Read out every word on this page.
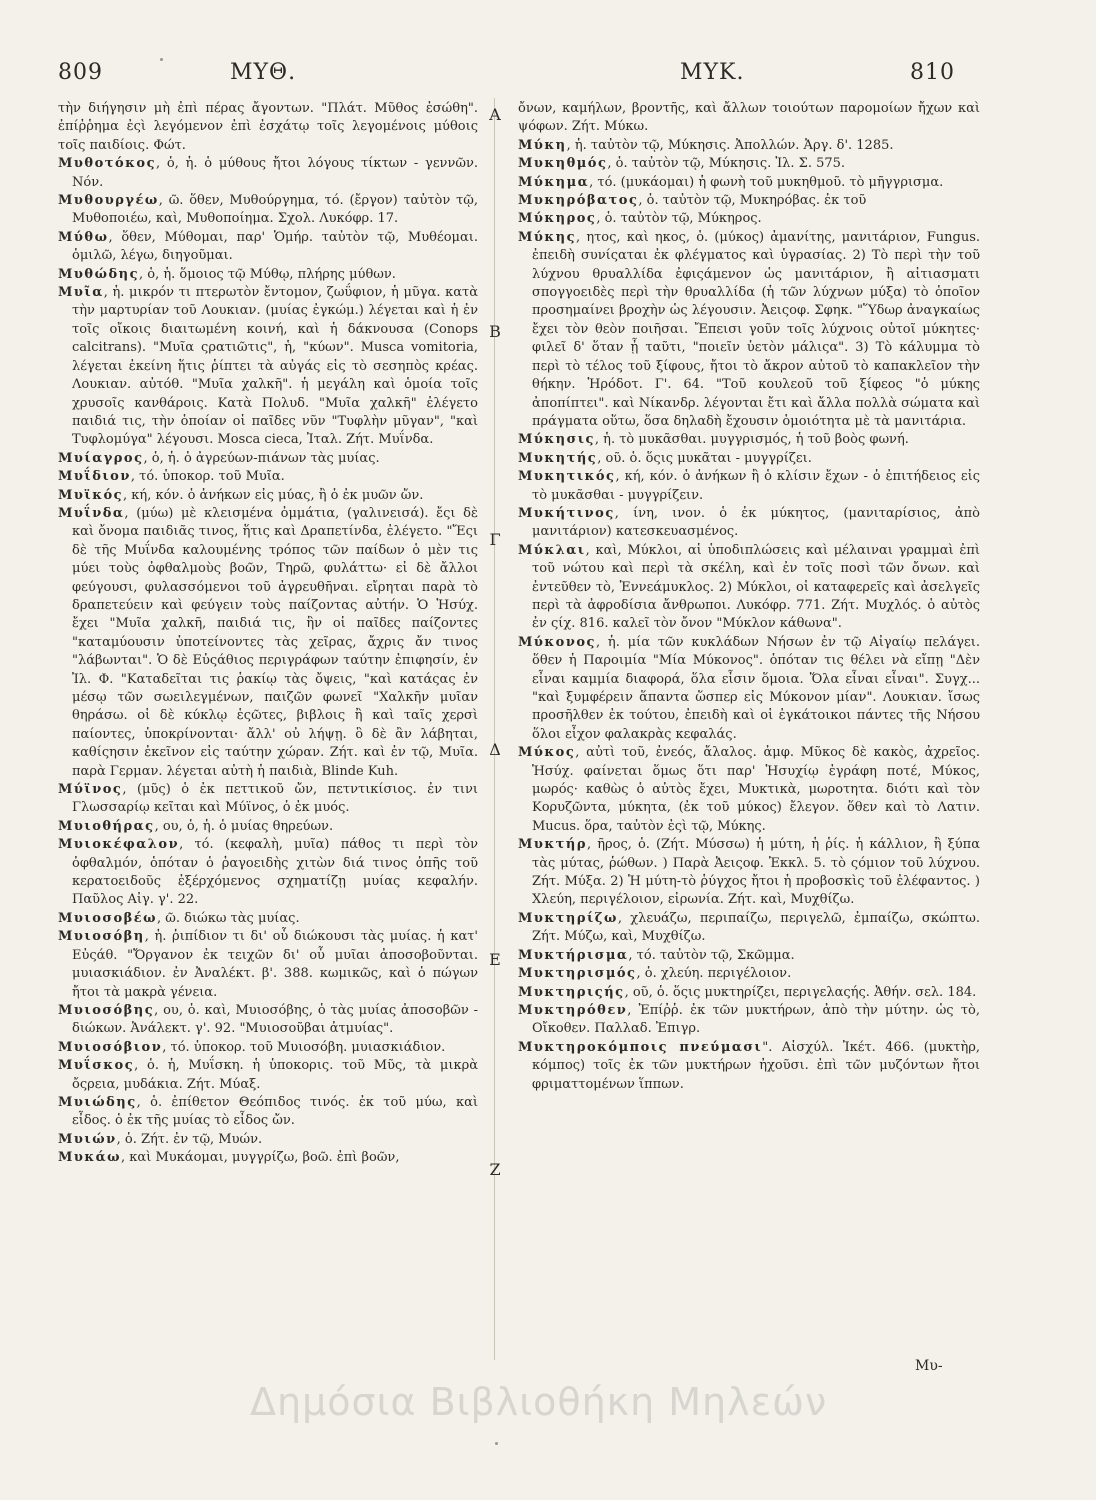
809	ΜΥΘ.	ΜΥΚ.	810
Α
Β
Γ
Δ
Ε
Ζ

τὴν διήγησιν μὴ ἐπὶ πέρας ἄγοντων. "Πλάτ. Μῦθος ἐσώθη". ἐπίῤῥημα ἐςὶ λεγόμενον ἐπὶ ἐσχάτῳ τοῖς λεγομένοις μύθοις τοῖς παιδίοις. Φώτ.

Μυθοτόκος, ὁ, ἡ. ὁ μύθους ἤτοι λόγους τίκτων - γεννῶν. Νόν.

Μυθουργέω, ῶ. ὅθεν, Μυθούργημα, τό. (ἔργον) ταὐτὸν τῷ, Μυθοποιέω, καὶ, Μυθοποίημα. Σχολ. Λυκόφρ. 17.

Μύθω, ὅθεν, Μύθομαι, παρ' Ὁμήρ. ταὐτὸν τῷ, Μυθέομαι. ὁμιλῶ, λέγω, διηγοῦμαι.

Μυθώδης, ὁ, ἡ. ὅμοιος τῷ Μύθῳ, πλήρης μύθων.

Μυῖα, ἡ. μικρόν τι πτερωτὸν ἔντομον, ζωΰφιον, ἡ μῦγα. κατὰ τὴν μαρτυρίαν τοῦ Λουκιαν. (μυίας ἐγκώμ.) λέγεται καὶ ἡ ἐν τοῖς οἴκοις διαιτωμένη κοινή, καὶ ἡ δάκνουσα (Conops calcitrans). "Μυῖα ςρατιῶτις", ἡ, "κύων". Musca vomitoria, λέγεται ἐκείνη ἥτις ῥίπτει τὰ αὐγάς εἰς τὸ σεσηπὸς κρέας. Λουκιαν. αὐτόθ. "Μυῖα χαλκῆ". ἡ μεγάλη καὶ ὁμοία τοῖς χρυσοῖς κανθάροις. Κατὰ Πολυδ. "Μυῖα χαλκῆ" ἐλέγετο παιδιά τις, τὴν ὁποίαν οἱ παῖδες νῦν "Τυφλὴν μῦγαν", "καὶ Τυφλομύγα" λέγουσι. Mosca cieca, Ἰταλ. Ζήτ. Μυΐνδα.

Μυίαγρος, ὁ, ἡ. ὁ ἀγρεύων-πιάνων τὰς μυίας.

Μυΐδιον, τό. ὑποκορ. τοῦ Μυῖα.

Μυϊκός, κή, κόν. ὁ ἀνήκων εἰς μύας, ἢ ὁ ἐκ μυῶν ὤν.

Μυΐνδα, (μύω) μὲ κλεισμένα ὀμμάτια, (γαλινεισά). ἔςι δὲ καὶ ὄνομα παιδιᾶς τινος, ἥτις καὶ Δραπετίνδα, ἐλέγετο. "Ἔςι δὲ τῆς Μυΐνδα καλουμένης τρόπος τῶν παίδων ὁ μὲν τις μύει τοὺς ὀφθαλμοὺς βοῶν, Τηρῶ, φυλάττω· εἰ δὲ ἄλλοι φεύγουσι, φυλασσόμενοι τοῦ ἀγρευθῆναι. εἴρηται παρὰ τὸ δραπετεύειν καὶ φεύγειν τοὺς παίζοντας αὐτήν. Ὁ Ἡσύχ. ἔχει "Μυῖα χαλκῆ, παιδιά τις, ἣν οἱ παῖδες παίζοντες "καταμύουσιν ὑποτείνοντες τὰς χεῖρας, ἄχρις ἄν τινος "λάβωνται". Ὁ δὲ Εὐςάθιος περιγράφων ταύτην ἐπιφησίν, ἐν Ἰλ. Φ. "Καταδεῖται τις ῥακίῳ τὰς ὄψεις, "καὶ κατάςας ἐν μέσῳ τῶν σωειλεγμένων, παιζῶν φωνεῖ "Χαλκῆν μυῖαν θηράσω. οἱ δὲ κύκλῳ ἑςῶτες, βιβλοις ἢ καὶ ταῖς χερσὶ παίοντες, ὑποκρίνονται· ἄλλ' οὐ λήψῃ. ὃ δὲ ἂν λάβηται, καθίςησιν ἐκεῖνον εἰς ταύτην χώραν. Ζήτ. καὶ ἐν τῷ, Μυῖα. παρὰ Γερμαν. λέγεται αὐτὴ ἡ παιδιὰ, Blinde Kuh.

Μύϊνος, (μῦς) ὁ ἐκ πεττικοῦ ὤν, πετντικίσιος. ἐν τινι Γλωσσαρίῳ κεῖται καὶ Μύϊνος, ὁ ἐκ μυός.

Μυιοθήρας, ου, ὁ, ἡ. ὁ μυίας θηρεύων.

Μυιοκέφαλον, τό. (κεφαλὴ, μυῖα) πάθος τι περὶ τὸν ὀφθαλμόν, ὁπόταν ὁ ῥαγοειδὴς χιτὼν διά τινος ὀπῆς τοῦ κερατοειδοῦς ἐξέρχόμενος σχηματίζῃ μυίας κεφαλήν. Παῦλος Αἰγ. γ'. 22.

Μυιοσοβέω, ῶ. διώκω τὰς μυίας.

Μυιοσόβη, ἡ. ῥιπίδιον τι δι' οὗ διώκουσι τὰς μυίας. ἡ κατ' Εὐςάθ. "Ὄργανον ἐκ τειχῶν δι' οὗ μυῖαι ἀποσοβοῦνται. μυιασκιάδιον. ἐν Ἀναλέκτ. β'. 388. κωμικῶς, καὶ ὁ πώγων ἤτοι τὰ μακρὰ γένεια.

Μυιοσόβης, ου, ὁ. καὶ, Μυιοσόβης, ὁ τὰς μυίας ἀποσοβῶν - διώκων. Ἀνάλεκτ. γ'. 92. "Μυιοσοῦβαι ἀτμυίας".

Μυιοσόβιον, τό. ὑποκορ. τοῦ Μυιοσόβη. μυιασκιάδιον.

Μυΐσκος, ὁ. ἡ, Μυΐσκη. ἡ ὑποκορις. τοῦ Μῦς, τὰ μικρὰ ὄςρεια, μυδάκια. Ζήτ. Μύαξ.

Μυιώδης, ὁ. ἐπίθετον Θεόπιδος τινός. ἐκ τοῦ μύω, καὶ εἶδος. ὁ ἐκ τῆς μυίας τὸ εἶδος ὤν.

Μυιών, ὁ. Ζήτ. ἐν τῷ, Μυών.

Μυκάω, καὶ Μυκάομαι, μυγγρίζω, βοῶ. ἐπὶ βοῶν,

ὄνων, καμήλων, βροντῆς, καὶ ἄλλων τοιούτων παρομοίων ἤχων καὶ ψόφων. Ζήτ. Μύκω.

Μύκη, ἡ. ταὐτὸν τῷ, Μύκησις. Ἀπολλών. Ἀργ. δ'. 1285.

Μυκηθμός, ὁ. ταὐτὸν τῷ, Μύκησις. Ἰλ. Σ. 575.

Μύκημα, τό. (μυκάομαι) ἡ φωνὴ τοῦ μυκηθμοῦ. τὸ μῆγγρισμα.

Μυκηρόβατος, ὁ. ταὐτὸν τῷ, Μυκηρόβας. ἐκ τοῦ

Μύκηρος, ὁ. ταὐτὸν τῷ, Μύκηρος.

Μύκης, ητος, καὶ ηκος, ὁ. (μύκος) ἀμανίτης, μανιτάριον, Fungus. ἐπειδὴ συνίςαται ἐκ φλέγματος καὶ ὑγρασίας. 2) Τὸ περὶ τὴν τοῦ λύχνου θρυαλλίδα ἐφιςάμενον ὡς μανιτάριον, ἢ αἰτιασματι σπογγοειδὲς περὶ τὴν θρυαλλίδα (ἡ τῶν λύχνων μύξα) τὸ ὁποῖον προσημαίνει βροχὴν ὡς λέγουσιν. Ἀειςοφ. Σφηκ. "Ὕδωρ ἀναγκαίως ἔχει τὸν θεὸν ποιῆσαι. Ἔπεισι γοῦν τοῖς λύχνοις οὑτοῖ μύκητες· φιλεῖ δ' ὅταν ᾖ ταῦτι, "ποιεῖν ὑετὸν μάλιςα". 3) Τὸ κάλυμμα τὸ περὶ τὸ τέλος τοῦ ξίφους, ἤτοι τὸ ἄκρον αὐτοῦ τὸ καπακλεῖον τὴν θήκην. Ἡρόδοτ. Γ'. 64. "Τοῦ κουλεοῦ τοῦ ξίφεος "ὁ μύκης ἀποπίπτει". καὶ Νίκανδρ. λέγονται ἔτι καὶ ἄλλα πολλὰ σώματα καὶ πράγματα οὕτω, ὅσα δηλαδὴ ἔχουσιν ὁμοιότητα μὲ τὰ μανιτάρια.

Μύκησις, ἡ. τὸ μυκᾶσθαι. μυγγρισμός, ἡ τοῦ βοὸς φωνή.

Μυκητής, οῦ. ὁ. ὅςις μυκᾶται - μυγγρίζει.

Μυκητικός, κή, κόν. ὁ ἀνήκων ἢ ὁ κλίσιν ἔχων - ὁ ἐπιτήδειος εἰς τὸ μυκᾶσθαι - μυγγρίζειν.

Μυκήτινος, ίνη, ινον. ὁ ἐκ μύκητος, (μανιταρίσιος, ἀπὸ μανιτάριον) κατεσκευασμένος.

Μύκλαι, καὶ, Μύκλοι, αἱ ὑποδιπλώσεις καὶ μέλαιναι γραμμαὶ ἐπὶ τοῦ νώτου καὶ περὶ τὰ σκέλη, καὶ ἐν τοῖς ποσὶ τῶν ὄνων. καὶ ἐντεῦθεν τὸ, Ἐννεάμυκλος. 2) Μύκλοι, οἱ καταφερεῖς καὶ ἀσελγεῖς περὶ τὰ ἀφροδίσια ἄνθρωποι. Λυκόφρ. 771. Ζήτ. Μυχλός. ὁ αὐτὸς ἐν ςίχ. 816. καλεῖ τὸν ὄνον "Μύκλον κάθωνα".

Μύκονος, ἡ. μία τῶν κυκλάδων Νήσων ἐν τῷ Αἰγαίῳ πελάγει. ὅθεν ἡ Παροιμία "Μία Μύκονος". ὁπόταν τις θέλει νὰ εἴπῃ "Δὲν εἶναι καμμία διαφορά, ὅλα εἶσιν ὅμοια. Ὅλα εἶναι εἶναι". Συγχ... "καὶ ξυμφέρειν ἅπαντα ὥσπερ εἰς Μύκονον μίαν". Λουκιαν. ἴσως προσῆλθεν ἐκ τούτου, ἐπειδὴ καὶ οἱ ἐγκάτοικοι πάντες τῆς Νήσου ὅλοι εἶχον φαλακρὰς κεφαλάς.

Μύκος, αὐτὶ τοῦ, ἐνεός, ἄλαλος. ἀμφ. Μῦκος δὲ κακὸς, ἀχρεῖος. Ἡσύχ. φαίνεται ὅμως ὅτι παρ' Ἡσυχίῳ ἐγράφη ποτέ, Μύκος, μωρός· καθὼς ὁ αὐτὸς ἔχει, Μυκτικὰ, μωροτητα. διότι καὶ τὸν Κορυζῶντα, μύκητα, (ἐκ τοῦ μύκος) ἔλεγον. ὅθεν καὶ τὸ Λατιν. Mucus. ὅρα, ταὐτὸν ἐςὶ τῷ, Μύκης.

Μυκτήρ, ῆρος, ὁ. (Ζήτ. Μύσσω) ἡ μύτη, ἡ ῥίς. ἡ κάλλιον, ἢ ξύπα τὰς μύτας, ῥώθων. ) Παρὰ Ἀειςοφ. Ἐκκλ. 5. τὸ ςόμιον τοῦ λύχνου. Ζήτ. Μύξα. 2) Ἡ μύτη-τὸ ῥύγχος ἤτοι ἡ προβοσκὶς τοῦ ἐλέφαντος. ) Χλεύη, περιγέλοιον, εἰρωνία. Ζήτ. καὶ, Μυχθίζω.

Μυκτηρίζω, χλευάζω, περιπαίζω, περιγελῶ, ἐμπαίζω, σκώπτω. Ζήτ. Μύζω, καὶ, Μυχθίζω.

Μυκτήρισμα, τό. ταὐτὸν τῷ, Σκῶμμα.

Μυκτηρισμός, ὁ. χλεύη. περιγέλοιον.

Μυκτηριςής, οῦ, ὁ. ὅςις μυκτηρίζει, περιγελαςής. Ἀθήν. σελ. 184.

Μυκτηρόθεν, Ἐπίῤῥ. ἐκ τῶν μυκτήρων, ἀπὸ τὴν μύτην. ὡς τὸ, Οἴκοθεν. Παλλαδ. Ἐπιγρ.

Μυκτηροκόμποις πνεύμασι". Αἰσχύλ. Ἰκέτ. 466. (μυκτὴρ, κόμπος) τοῖς ἐκ τῶν μυκτήρων ἠχοῦσι. ἐπὶ τῶν μυζόντων ἤτοι φριματτομένων ἵππων.

Μυ-
Δημόσια Βιβλιοθήκη Μηλεών
